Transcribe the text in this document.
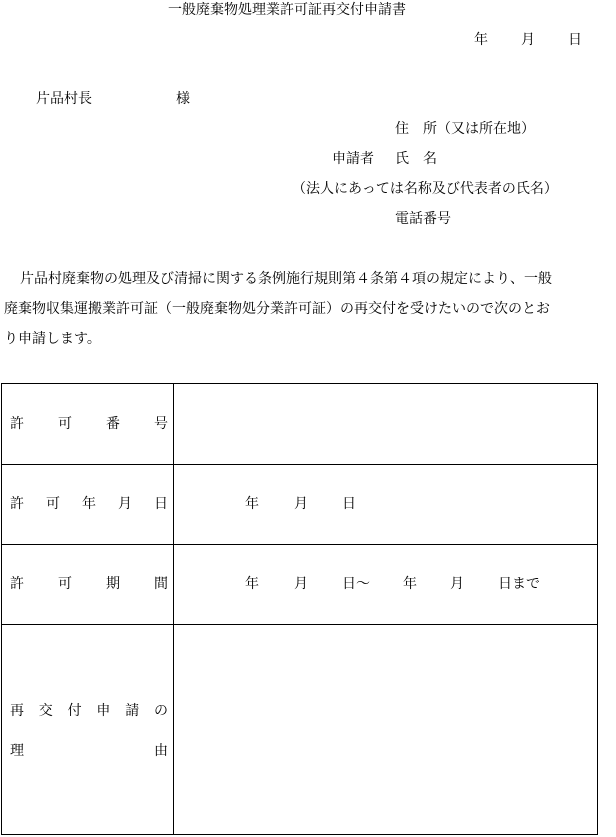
一般廃棄物処理業許可証再交付申請書
年 月 日
片品村長	様
住　所（又は所在地）
申請者 氏　名
（法人にあっては名称及び代表者の氏名）
電話番号
片品村廃棄物の処理及び清掃に関する条例施行規則第４条第４項の規定により、一般
廃棄物収集運搬業許可証（一般廃棄物処分業許可証）の再交付を受けたいので次のとお
り申請します。
許 可 番 号
許 可 年 月 日	年	月 日
許 可 期 間	年	月 日～ 年 月 日まで
再 交 付 申 請 の
理	由
